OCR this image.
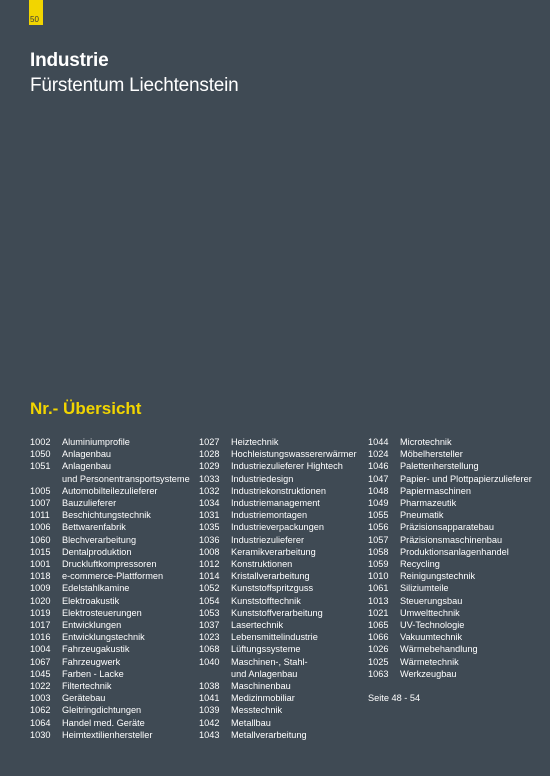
50
Industrie
Fürstentum Liechtenstein
Nr.- Übersicht
1002	Aluminiumprofile
1050	Anlagenbau
1051	Anlagenbau
und Personentransportsysteme
1005	Automobilteilezulieferer
1007	Bauzulieferer
1011	Beschichtungstechnik
1006	Bettwarenfabrik
1060	Blechverarbeitung
1015	Dentalproduktion
1001	Druckluftkompressoren
1018	e-commerce-Plattformen
1009	Edelstahlkamine
1020	Elektroakustik
1019	Elektrosteuerungen
1017	Entwicklungen
1016	Entwicklungstechnik
1004	Fahrzeugakustik
1067	Fahrzeugwerk
1045	Farben - Lacke
1022	Filtertechnik
1003	Gerätebau
1062	Gleitringdichtungen
1064	Handel med. Geräte
1030	Heimtextilienhersteller
1027	Heiztechnik
1028	Hochleistungswassererwärmer
1029	Industriezulieferer Hightech
1033	Industriedesign
1032	Industriekonstruktionen
1034	Industriemanagement
1031	Industriemontagen
1035	Industrieverpackungen
1036	Industriezulieferer
1008	Keramikverarbeitung
1012	Konstruktionen
1014	Kristallverarbeitung
1052	Kunststoffspritzguss
1054	Kunststofftechnik
1053	Kunststoffverarbeitung
1037	Lasertechnik
1023	Lebensmittelindustrie
1068	Lüftungssysteme
1040	Maschinen-, Stahl-
und Anlagenbau
1038	Maschinenbau
1041	Medizinmobiliar
1039	Messtechnik
1042	Metallbau
1043	Metallverarbeitung
1044	Microtechnik
1024	Möbelhersteller
1046	Palettenherstellung
1047	Papier- und Plottpapierzulieferer
1048	Papiermaschinen
1049	Pharmazeutik
1055	Pneumatik
1056	Präzisionsapparatebau
1057	Präzisionsmaschinenbau
1058	Produktionsanlagenhandel
1059	Recycling
1010	Reinigungstechnik
1061	Siliziumteile
1013	Steuerungsbau
1021	Umwelttechnik
1065	UV-Technologie
1066	Vakuumtechnik
1026	Wärmebehandlung
1025	Wärmetechnik
1063	Werkzeugbau
Seite 48 - 54
